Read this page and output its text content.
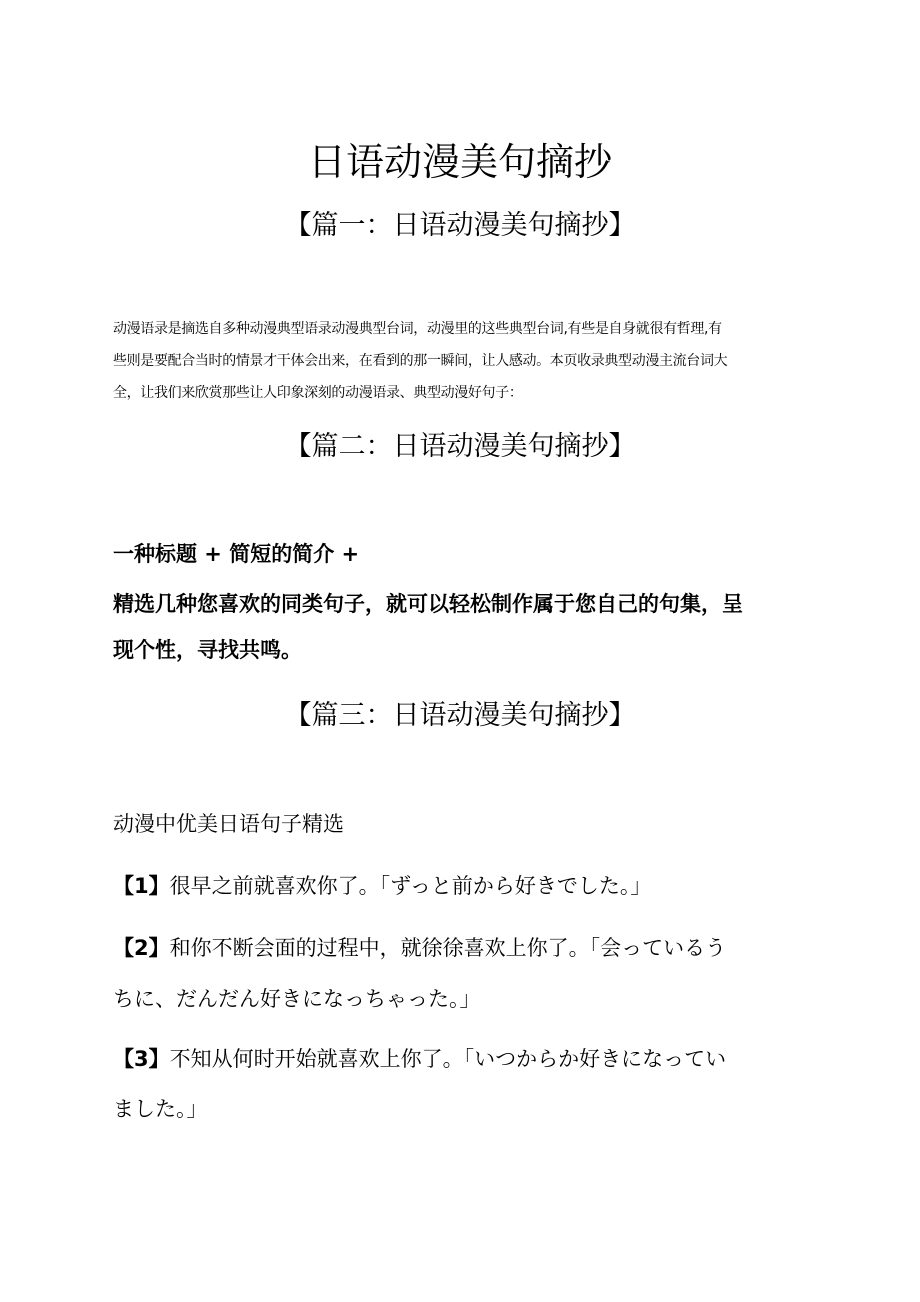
日语动漫美句摘抄
【篇一：日语动漫美句摘抄】
动漫语录是摘选自多种动漫典型语录动漫典型台词，动漫里的这些典型台词,有些是自身就很有哲理,有
些则是要配合当时的情景才干体会出来，在看到的那一瞬间，让人感动。本页收录典型动漫主流台词大
全，让我们来欣赏那些让人印象深刻的动漫语录、典型动漫好句子：
【篇二：日语动漫美句摘抄】
一种标题 + 简短的简介 +
精选几种您喜欢的同类句子，就可以轻松制作属于您自己的句集，呈
现个性，寻找共鸣。
【篇三：日语动漫美句摘抄】
动漫中优美日语句子精选
【1】很早之前就喜欢你了。「ずっと前から好きでした。」
【2】和你不断会面的过程中，就徐徐喜欢上你了。「会っているう
ちに、だんだん好きになっちゃった。」
【3】不知从何时开始就喜欢上你了。「いつからか好きになってい
ました。」
